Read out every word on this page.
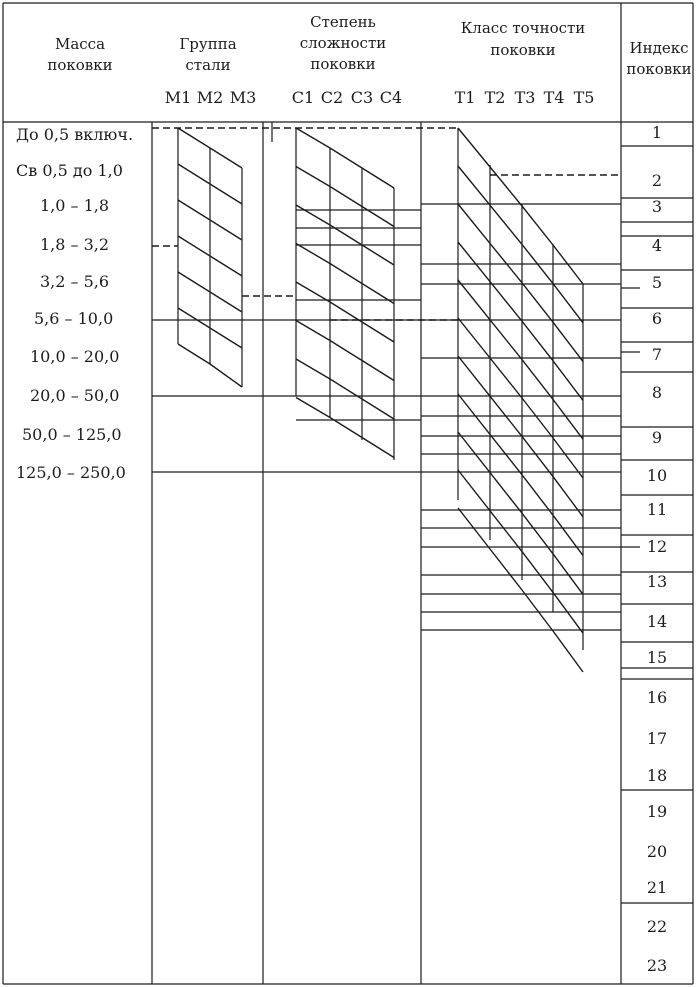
Масса
поковки
Группа
стали
Степень
сложности
поковки
Класс точности
поковки	Индекс
поковки
М1 М2 М3 С1 С2 С3 С4	Т1 Т2 Т3 Т4 Т5
До 0,5 включ.
Св 0,5 до 1,0
1,0 – 1,8
1,8 – 3,2
3,2 – 5,6
5,6 – 10,0
10,0 – 20,0
20,0 – 50,0
50,0 – 125,0
125,0 – 250,0
1
2
3
4
5
6
7
8
9
10
11
12
13
14
15
16
17
18
19
20
21
22
23
